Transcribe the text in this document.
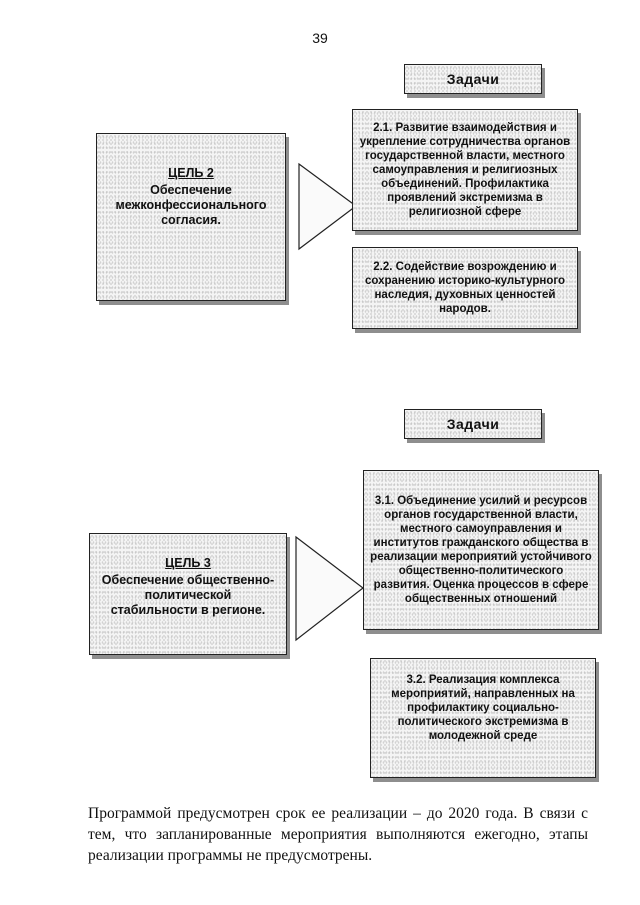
39
Задачи
ЦЕЛЬ 2
Обеспечение межконфессионального согласия.
2.1. Развитие взаимодействия и укрепление сотрудничества органов государственной власти, местного самоуправления и религиозных объединений. Профилактика проявлений экстремизма в религиозной сфере
2.2. Содействие возрождению и сохранению историко-культурного наследия, духовных ценностей народов.
Задачи
ЦЕЛЬ 3
Обеспечение общественно-политической стабильности в регионе.
3.1. Объединение усилий и ресурсов органов государственной власти, местного самоуправления и институтов гражданского общества в реализации мероприятий устойчивого общественно-политического развития. Оценка процессов в сфере общественных отношений
3.2. Реализация комплекса мероприятий, направленных на профилактику социально-политического экстремизма в молодежной среде
Программой предусмотрен срок ее реализации – до 2020 года. В связи с тем, что запланированные мероприятия выполняются ежегодно, этапы реализации программы не предусмотрены.
